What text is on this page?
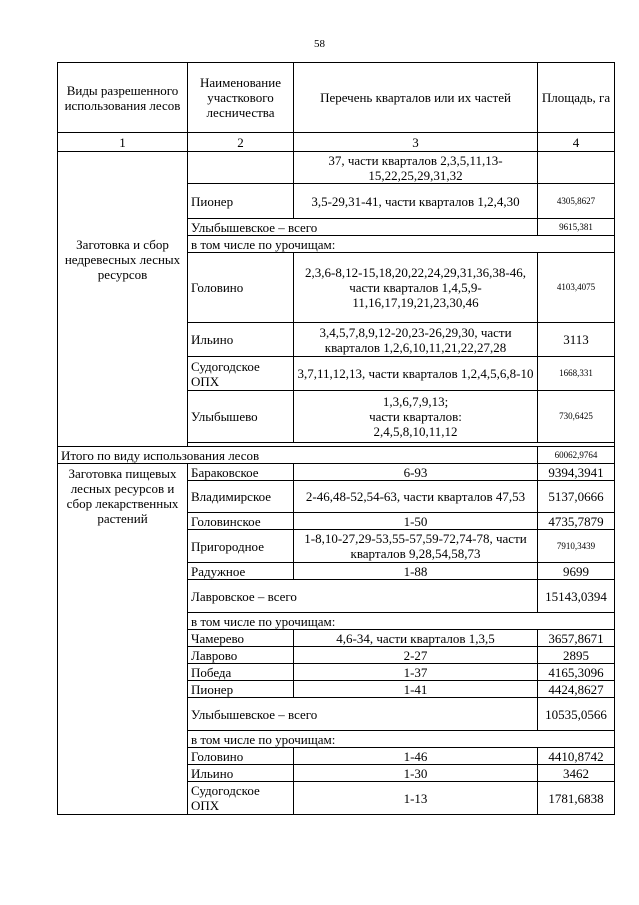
58
Виды разрешенного использования лесов	Наименование участкового лесничества	Перечень кварталов или их частей	Площадь, га
1	2	3	4

Заготовка и сбор недревесных лесных ресурсов		37, части кварталов 2,3,5,11,13-15,22,25,29,31,32	
	Пионер	3,5-29,31-41, части кварталов 1,2,4,30	4305,8627
	Улыбышевское – всего		9615,381
	в том числе по урочищам:		
	Головино	2,3,6-8,12-15,18,20,22,24,29,31,36,38-46, части кварталов 1,4,5,9-11,16,17,19,21,23,30,46	4103,4075
	Ильино	3,4,5,7,8,9,12-20,23-26,29,30, части кварталов 1,2,6,10,11,21,22,27,28	3113
	Судогодское ОПХ	3,7,11,12,13, части кварталов 1,2,4,5,6,8-10	1668,331
	Улыбышево	1,3,6,7,9,13;
части кварталов:
2,4,5,8,10,11,12	730,6425

Итого по виду использования лесов			60062,9764
Заготовка пищевых лесных ресурсов и сбор лекарственных растений	Бараковское	6-93	9394,3941
	Владимирское	2-46,48-52,54-63, части кварталов 47,53	5137,0666
	Головинское	1-50	4735,7879
	Пригородное	1-8,10-27,29-53,55-57,59-72,74-78, части кварталов 9,28,54,58,73	7910,3439
	Радужное	1-88	9699
	Лавровское – всего		15143,0394
	в том числе по урочищам:		
	Чамерево	4,6-34, части кварталов 1,3,5	3657,8671
	Лаврово	2-27	2895
	Победа	1-37	4165,3096
	Пионер	1-41	4424,8627
	Улыбышевское – всего		10535,0566
	в том числе по урочищам:		
	Головино	1-46	4410,8742
	Ильино	1-30	3462
	Судогодское ОПХ	1-13	1781,6838
